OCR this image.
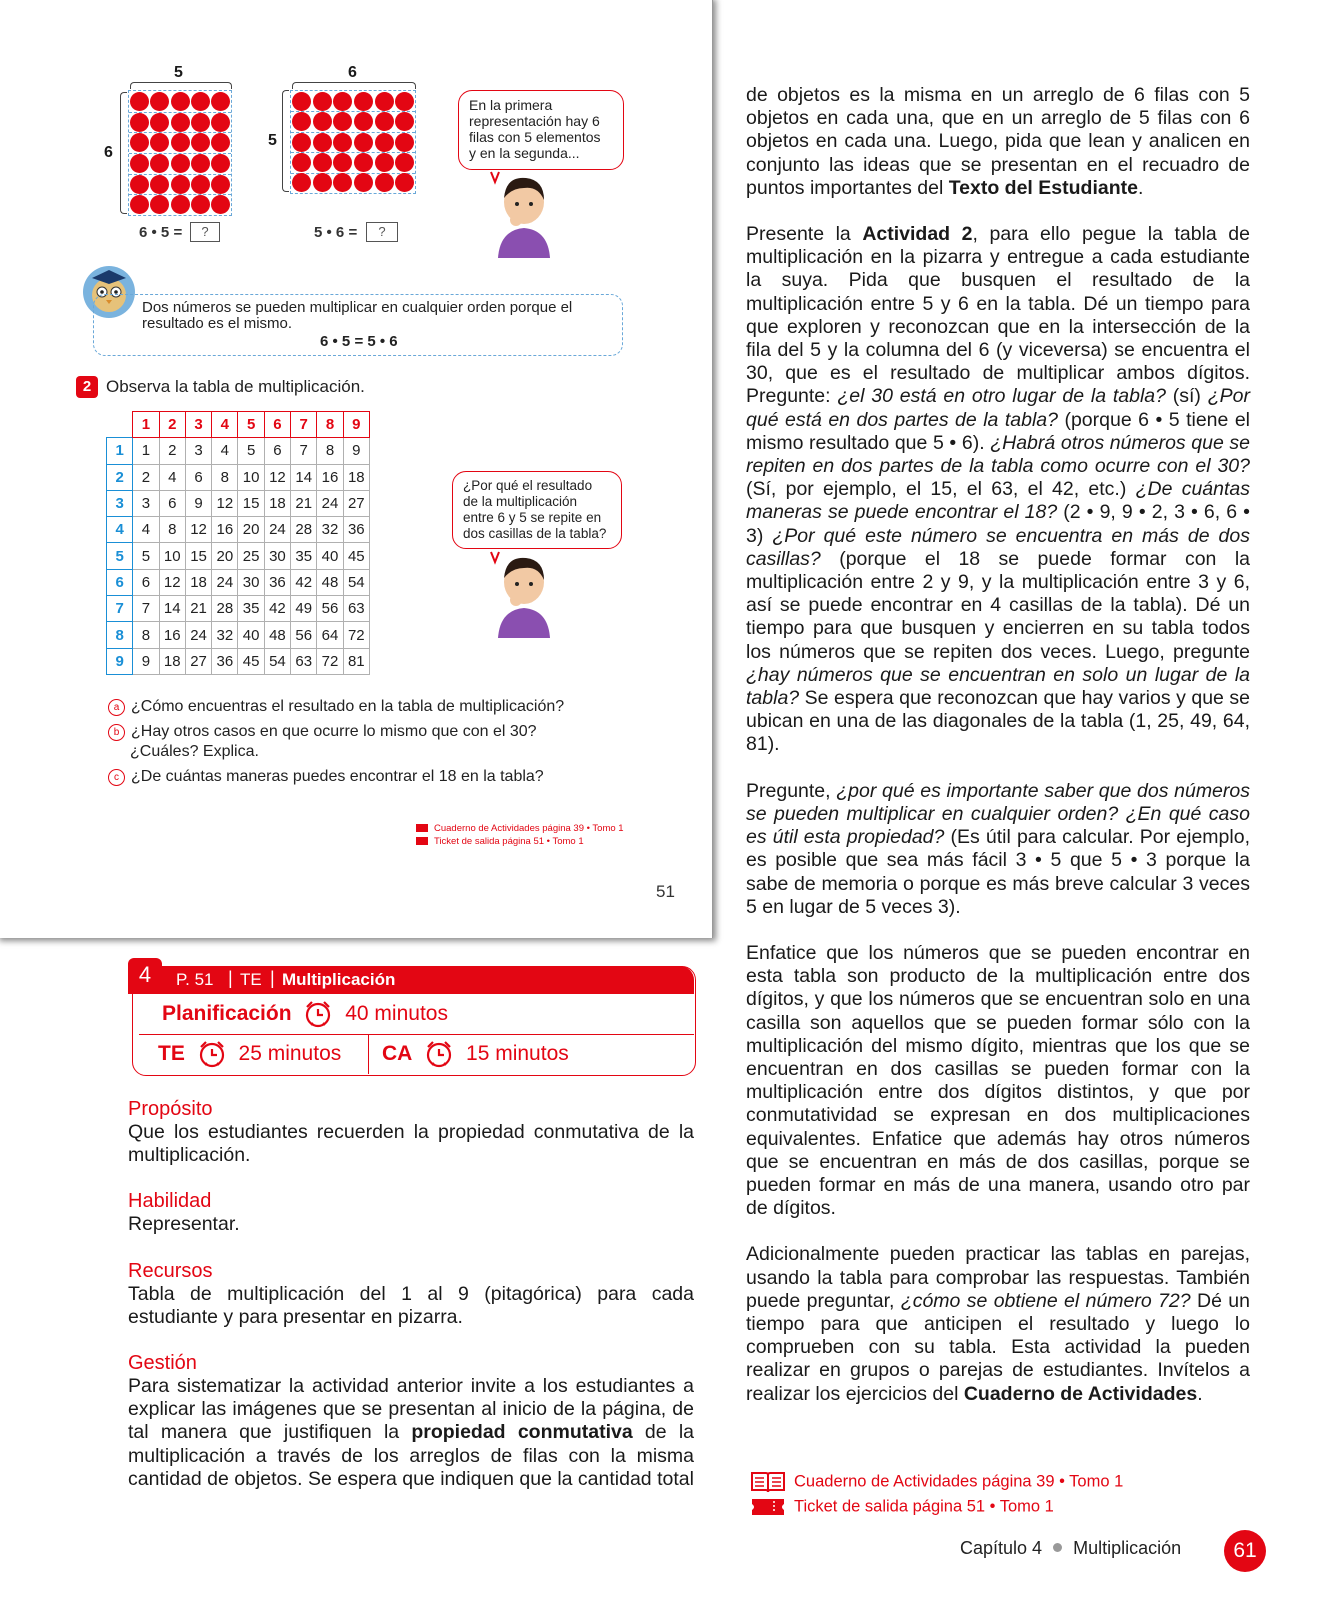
5
6
6 • 5 =	?
6
5
5 • 6 =	?
En la primera
representación hay 6
filas con 5 elementos
y en la segunda...
Dos números se pueden multiplicar en cualquier orden porque el
resultado es el mismo.
6 • 5 = 5 • 6
2 Observa la tabla de multiplicación.
	1	2	3	4	5	6	7	8	9
1	1	2	3	4	5	6	7	8	9
2	2	4	6	8	10	12	14	16	18
3	3	6	9	12	15	18	21	24	27
4	4	8	12	16	20	24	28	32	36
5	5	10	15	20	25	30	35	40	45
6	6	12	18	24	30	36	42	48	54
7	7	14	21	28	35	42	49	56	63
8	8	16	24	32	40	48	56	64	72
9	9	18	27	36	45	54	63	72	81
¿Por qué el resultado
de la multiplicación
entre 6 y 5 se repite en
dos casillas de la tabla?
a ¿Cómo encuentras el resultado en la tabla de multiplicación?
b ¿Hay otros casos en que ocurre lo mismo que con el 30?
¿Cuáles? Explica.
c ¿De cuántas maneras puedes encontrar el 18 en la tabla?
Cuaderno de Actividades página 39 • Tomo 1
Ticket de salida página 51 • Tomo 1
51
P. 51 | TE | Multiplicación
4
Planificación	40 minutos
TE	25 minutos CA	15 minutos
Propósito
Que los estudiantes recuerden la propiedad conmutativa de la multiplicación.
Habilidad
Representar.
Recursos
Tabla de multiplicación del 1 al 9 (pitagórica) para cada estudiante y para presentar en pizarra.
Gestión
Para sistematizar la actividad anterior invite a los estudiantes a explicar las imágenes que se presentan al inicio de la página, de tal manera que justifiquen la propiedad conmutativa de la multiplicación a través de los arreglos de filas con la misma cantidad de objetos. Se espera que indiquen que la cantidad total

de objetos es la misma en un arreglo de 6 filas con 5 objetos en cada una, que en un arreglo de 5 filas con 6 objetos en cada una. Luego, pida que lean y analicen en conjunto las ideas que se presentan en el recuadro de puntos importantes del Texto del Estudiante.

Presente la Actividad 2, para ello pegue la tabla de multiplicación en la pizarra y entregue a cada estudiante la suya. Pida que busquen el resultado de la multiplicación entre 5 y 6 en la tabla. Dé un tiempo para que exploren y reconozcan que en la intersección de la fila del 5 y la columna del 6 (y viceversa) se encuentra el 30, que es el resultado de multiplicar ambos dígitos. Pregunte: ¿el 30 está en otro lugar de la tabla? (sí) ¿Por qué está en dos partes de la tabla? (porque 6 • 5 tiene el mismo resultado que 5 • 6). ¿Habrá otros números que se repiten en dos partes de la tabla como ocurre con el 30? (Sí, por ejemplo, el 15, el 63, el 42, etc.) ¿De cuántas maneras se puede encontrar el 18? (2 • 9, 9 • 2, 3 • 6, 6 • 3) ¿Por qué este número se encuentra en más de dos casillas? (porque el 18 se puede formar con la multiplicación entre 2 y 9, y la multiplicación entre 3 y 6, así se puede encontrar en 4 casillas de la tabla). Dé un tiempo para que busquen y encierren en su tabla todos los números que se repiten dos veces. Luego, pregunte ¿hay números que se encuentran en solo un lugar de la tabla? Se espera que reconozcan que hay varios y que se ubican en una de las diagonales de la tabla (1, 25, 49, 64, 81).

Pregunte, ¿por qué es importante saber que dos números se pueden multiplicar en cualquier orden? ¿En qué caso es útil esta propiedad? (Es útil para calcular. Por ejemplo, es posible que sea más fácil 3 • 5 que 5 • 3 porque la sabe de memoria o porque es más breve calcular 3 veces 5 en lugar de 5 veces 3).

Enfatice que los números que se pueden encontrar en esta tabla son producto de la multiplicación entre dos dígitos, y que los números que se encuentran solo en una casilla son aquellos que se pueden formar sólo con la multiplicación del mismo dígito, mientras que los que se encuentran en dos casillas se pueden formar con la multiplicación entre dos dígitos distintos, y que por conmutatividad se expresan en dos multiplicaciones equivalentes. Enfatice que además hay otros números que se encuentran en más de dos casillas, porque se pueden formar en más de una manera, usando otro par de dígitos.

Adicionalmente pueden practicar las tablas en parejas, usando la tabla para comprobar las respuestas. También puede preguntar, ¿cómo se obtiene el número 72? Dé un tiempo para que anticipen el resultado y luego lo comprueben con su tabla. Esta actividad la pueden realizar en grupos o parejas de estudiantes. Invítelos a realizar los ejercicios del Cuaderno de Actividades.

Cuaderno de Actividades página 39 • Tomo 1
Ticket de salida página 51 • Tomo 1
Capítulo 4 Multiplicación	61
